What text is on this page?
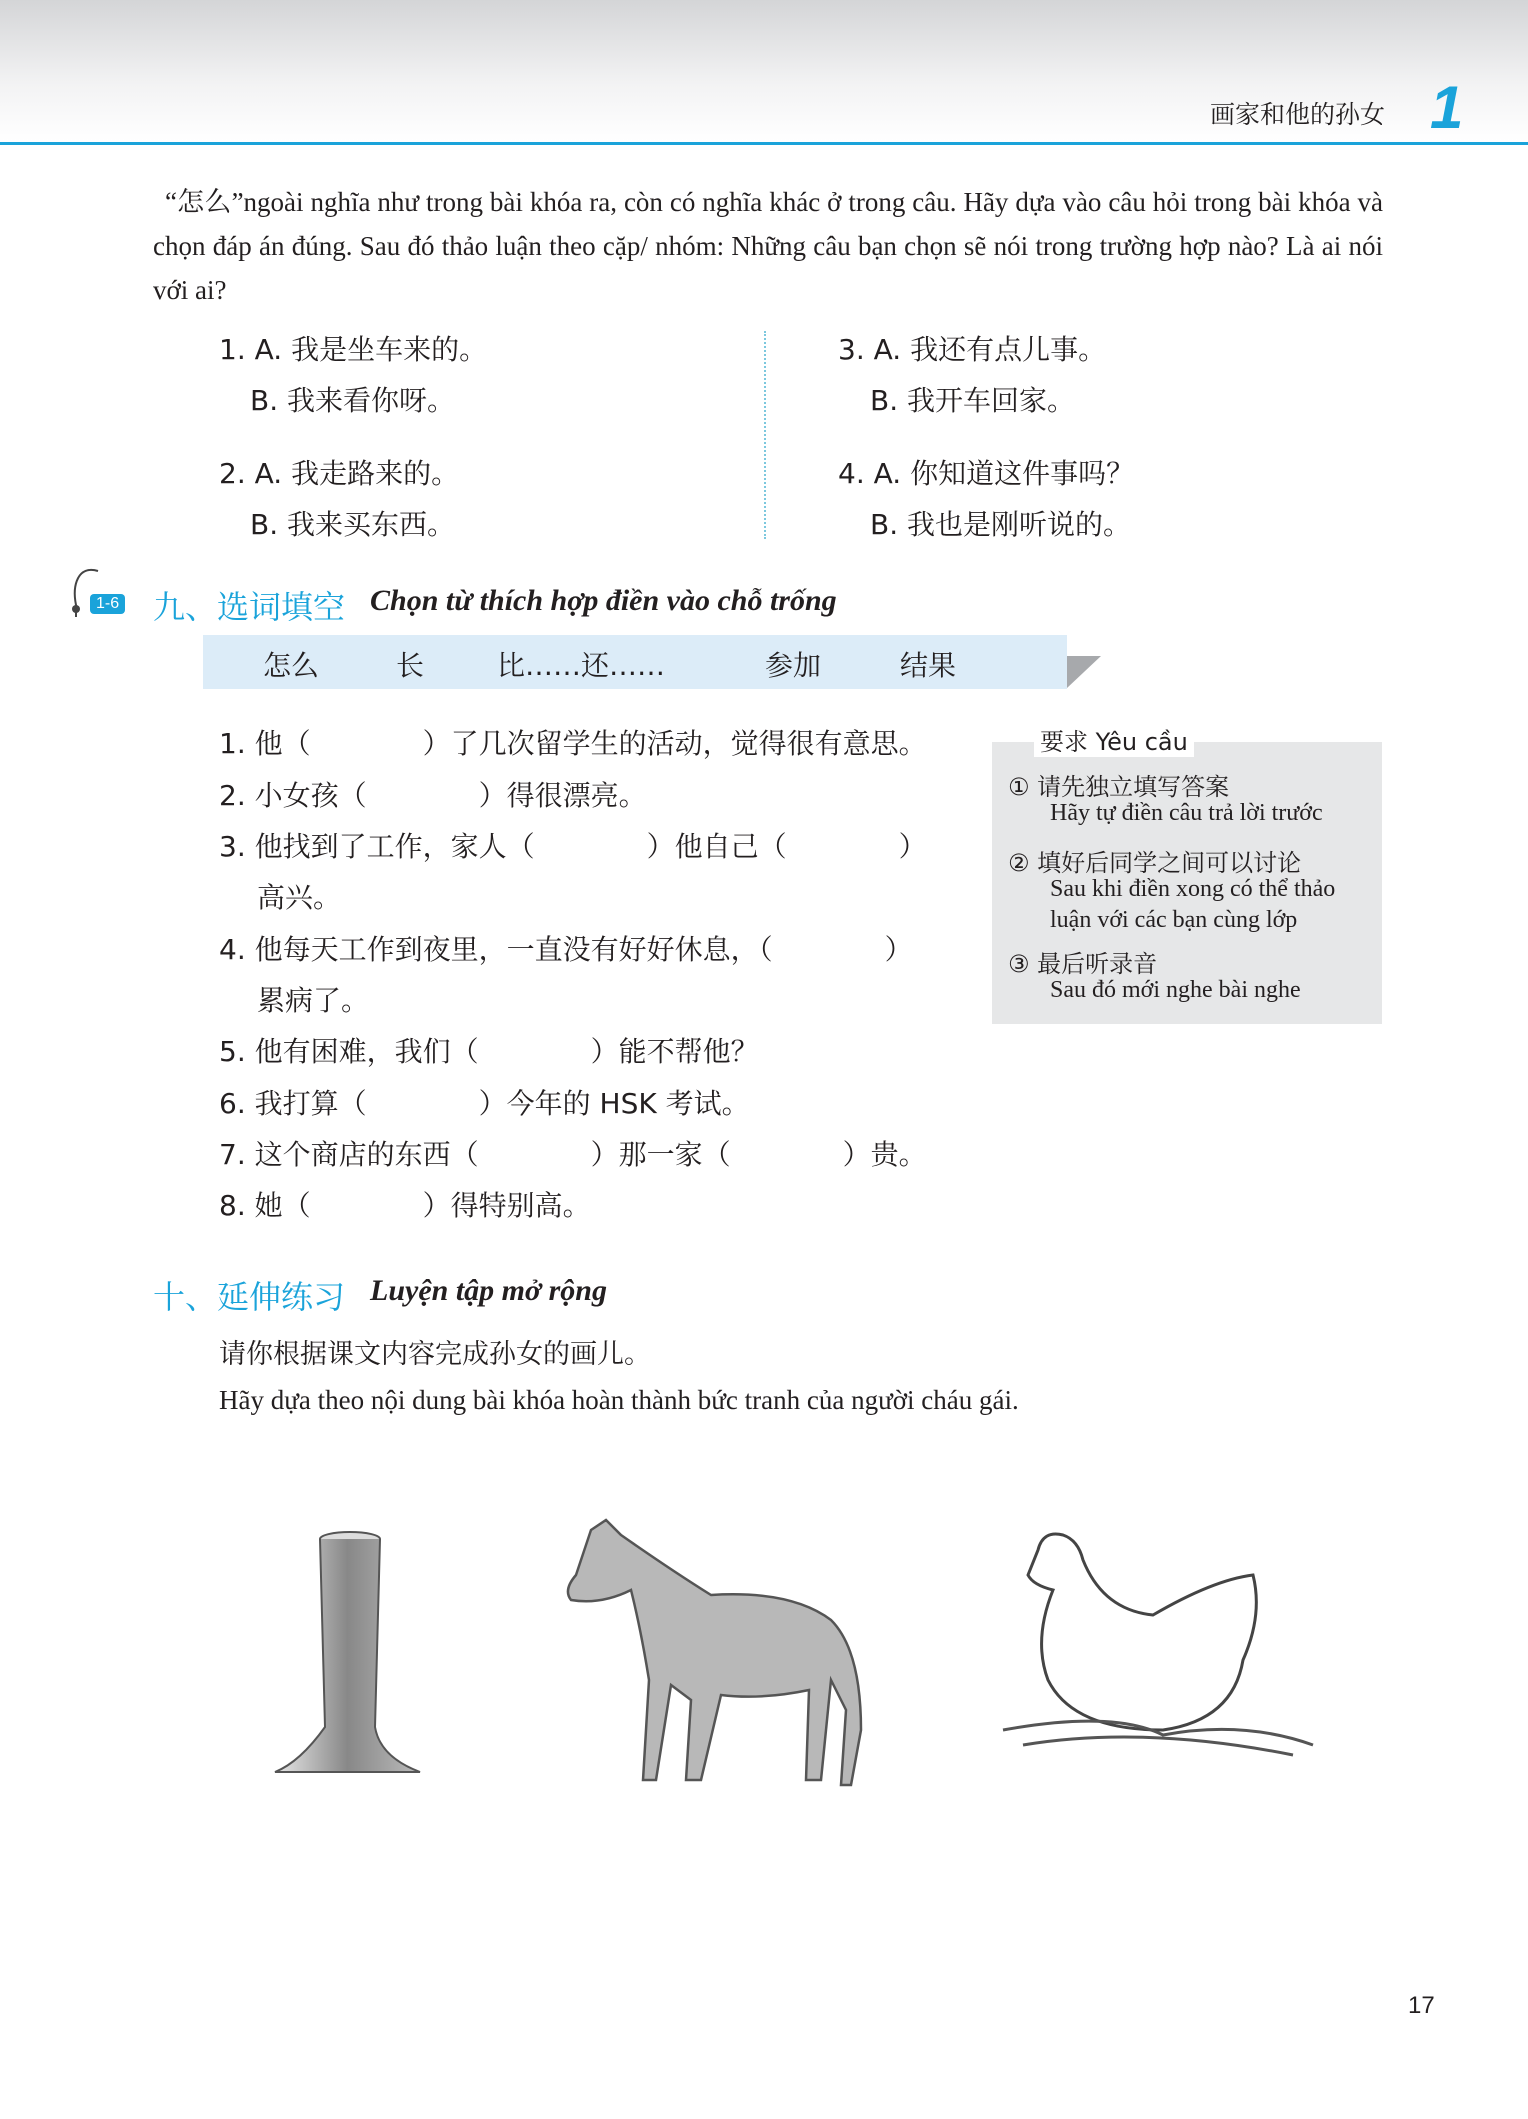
画家和他的孙女 1
“怎么”ngoài nghĩa như trong bài khóa ra, còn có nghĩa khác ở trong câu. Hãy dựa vào câu hỏi trong bài khóa và chọn đáp án đúng. Sau đó thảo luận theo cặp/ nhóm: Những câu bạn chọn sẽ nói trong trường hợp nào? Là ai nói với ai?
1. A. 我是坐车来的。
B. 我来看你呀。
2. A. 我走路来的。
B. 我来买东西。
3. A. 我还有点儿事。
B. 我开车回家。
4. A. 你知道这件事吗？
B. 我也是刚听说的。
1-6 九、选词填空 Chọn từ thích hợp điền vào chỗ trống
怎么	长	比……还……	参加	结果
1. 他（　　　　）了几次留学生的活动，觉得很有意思。
2. 小女孩（　　　　）得很漂亮。
3. 他找到了工作，家人（　　　　）他自己（　　　　）
高兴。
4. 他每天工作到夜里，一直没有好好休息，（　　　　）
累病了。
5. 他有困难，我们（　　　　）能不帮他？
6. 我打算（　　　　）今年的 HSK 考试。
7. 这个商店的东西（　　　　）那一家（　　　　）贵。
8. 她（　　　　）得特别高。
要求 Yêu cầu
① 请先独立填写答案
Hãy tự điền câu trả lời trước
② 填好后同学之间可以讨论
Sau khi điền xong có thể thảo
luận với các bạn cùng lớp
③ 最后听录音
Sau đó mới nghe bài nghe
十、延伸练习 Luyện tập mở rộng
请你根据课文内容完成孙女的画儿。
Hãy dựa theo nội dung bài khóa hoàn thành bức tranh của người cháu gái.
17
